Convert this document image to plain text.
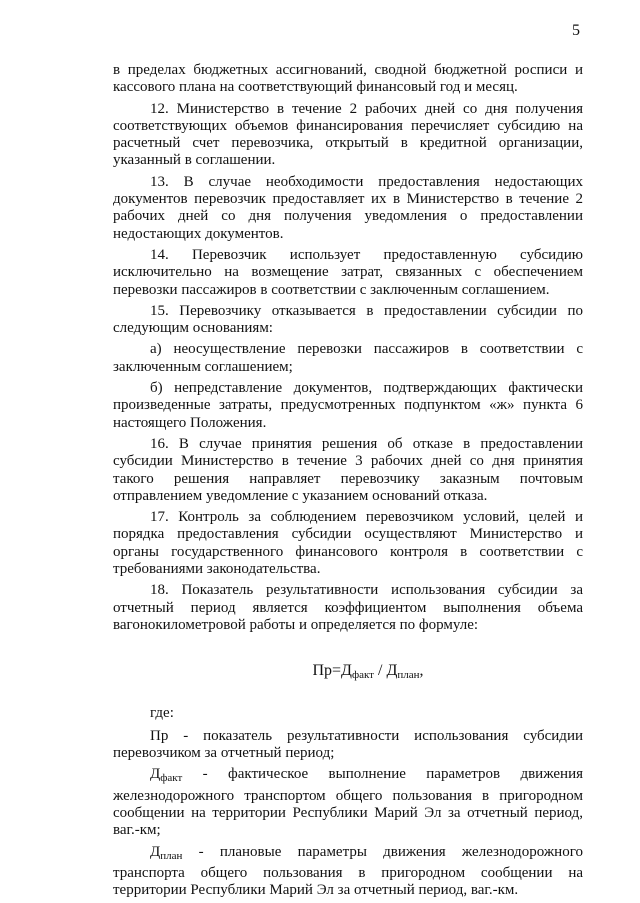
5

в пределах бюджетных ассигнований, сводной бюджетной росписи и кассового плана на соответствующий финансовый год и месяц.

12. Министерство в течение 2 рабочих дней со дня получения соответствующих объемов финансирования перечисляет субсидию на расчетный счет перевозчика, открытый в кредитной организации, указанный в соглашении.

13. В случае необходимости предоставления недостающих документов перевозчик предоставляет их в Министерство в течение 2 рабочих дней со дня получения уведомления о предоставлении недостающих документов.

14. Перевозчик использует предоставленную субсидию исключительно на возмещение затрат, связанных с обеспечением перевозки пассажиров в соответствии с заключенным соглашением.

15. Перевозчику отказывается в предоставлении субсидии по следующим основаниям:

а) неосуществление перевозки пассажиров в соответствии с заключенным соглашением;

б) непредставление документов, подтверждающих фактически произведенные затраты, предусмотренных подпунктом «ж» пункта 6 настоящего Положения.

16. В случае принятия решения об отказе в предоставлении субсидии Министерство в течение 3 рабочих дней со дня принятия такого решения направляет перевозчику заказным почтовым отправлением уведомление с указанием оснований отказа.

17. Контроль за соблюдением перевозчиком условий, целей и порядка предоставления субсидии осуществляют Министерство и органы государственного финансового контроля в соответствии с требованиями законодательства.

18. Показатель результативности использования субсидии за отчетный период является коэффициентом выполнения объема вагонокилометровой работы и определяется по формуле:

$Пр=Д_{факт} / Д_{план}$,

где:

Пр - показатель результативности использования субсидии перевозчиком за отчетный период;

$Д_{факт}$ - фактическое выполнение параметров движения железнодорожного транспортом общего пользования в пригородном сообщении на территории Республики Марий Эл за отчетный период, ваг.-км;

$Д_{план}$ - плановые параметры движения железнодорожного транспорта общего пользования в пригородном сообщении на территории Республики Марий Эл за отчетный период, ваг.-км.
